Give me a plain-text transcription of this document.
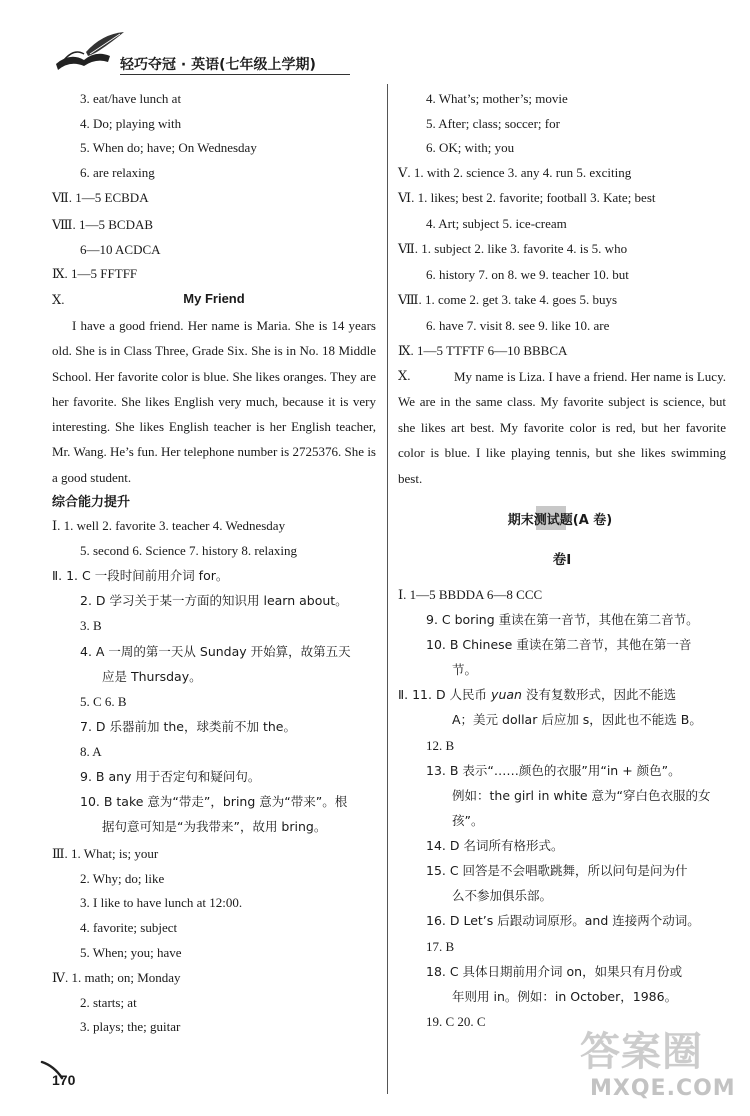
轻巧夺冠 · 英语(七年级上学期)
3. eat/have lunch at
4. Do; playing with
5. When do; have; On Wednesday
6. are relaxing
Ⅶ. 1—5 ECBDA
Ⅷ. 1—5 BCDAB
6—10 ACDCA
Ⅸ. 1—5 FFTFF
Ⅹ.	My Friend
I have a good friend. Her name is Maria. She is 14 years old. She is in Class Three, Grade Six. She is in No. 18 Middle School. Her favorite color is blue. She likes oranges. They are her favorite. She likes English very much, because it is very interesting. She likes English teacher is her English teacher, Mr. Wang. He’s fun. Her telephone number is 2725376. She is a good student.
综合能力提升
Ⅰ. 1. well 2. favorite 3. teacher 4. Wednesday
5. second 6. Science 7. history 8. relaxing
Ⅱ. 1. C 一段时间前用介词 for。
2. D 学习关于某一方面的知识用 learn about。
3. B
4. A 一周的第一天从 Sunday 开始算，故第五天
应是 Thursday。
5. C 6. B
7. D 乐器前加 the，球类前不加 the。
8. A
9. B any 用于否定句和疑问句。
10. B take 意为“带走”，bring 意为“带来”。根
据句意可知是“为我带来”，故用 bring。
Ⅲ. 1. What; is; your
2. Why; do; like
3. I like to have lunch at 12:00.
4. favorite; subject
5. When; you; have
Ⅳ. 1. math; on; Monday
2. starts; at
3. plays; the; guitar
4. What’s; mother’s; movie
5. After; class; soccer; for
6. OK; with; you
Ⅴ. 1. with 2. science 3. any 4. run 5. exciting
Ⅵ. 1. likes; best 2. favorite; football 3. Kate; best
4. Art; subject 5. ice-cream
Ⅶ. 1. subject 2. like 3. favorite 4. is 5. who
6. history 7. on 8. we 9. teacher 10. but
Ⅷ. 1. come 2. get 3. take 4. goes 5. buys
6. have 7. visit 8. see 9. like 10. are
Ⅸ. 1—5 TTFTF 6—10 BBBCA
Ⅹ.	My name is Liza. I have a friend. Her name is Lucy. We are in the same class. My favorite subject is science, but she likes art best. My favorite color is red, but her favorite color is blue. I like playing tennis, but she likes swimming best.
期末测试题(A 卷)
卷Ⅰ
Ⅰ. 1—5 BBDDA 6—8 CCC
9. C boring 重读在第一音节，其他在第二音节。
10. B Chinese 重读在第二音节，其他在第一音
节。
Ⅱ. 11. D 人民币 yuan 没有复数形式，因此不能选
A；美元 dollar 后应加 s，因此也不能选 B。
12. B
13. B 表示“……颜色的衣服”用“in + 颜色”。
例如：the girl in white 意为“穿白色衣服的女
孩”。
14. D 名词所有格形式。
15. C 回答是不会唱歌跳舞，所以问句是问为什
么不参加俱乐部。
16. D Let’s 后跟动词原形。and 连接两个动词。
17. B
18. C 具体日期前用介词 on，如果只有月份或
年则用 in。例如：in October，1986。
19. C 20. C
170
答案圈
MXQE.COM
